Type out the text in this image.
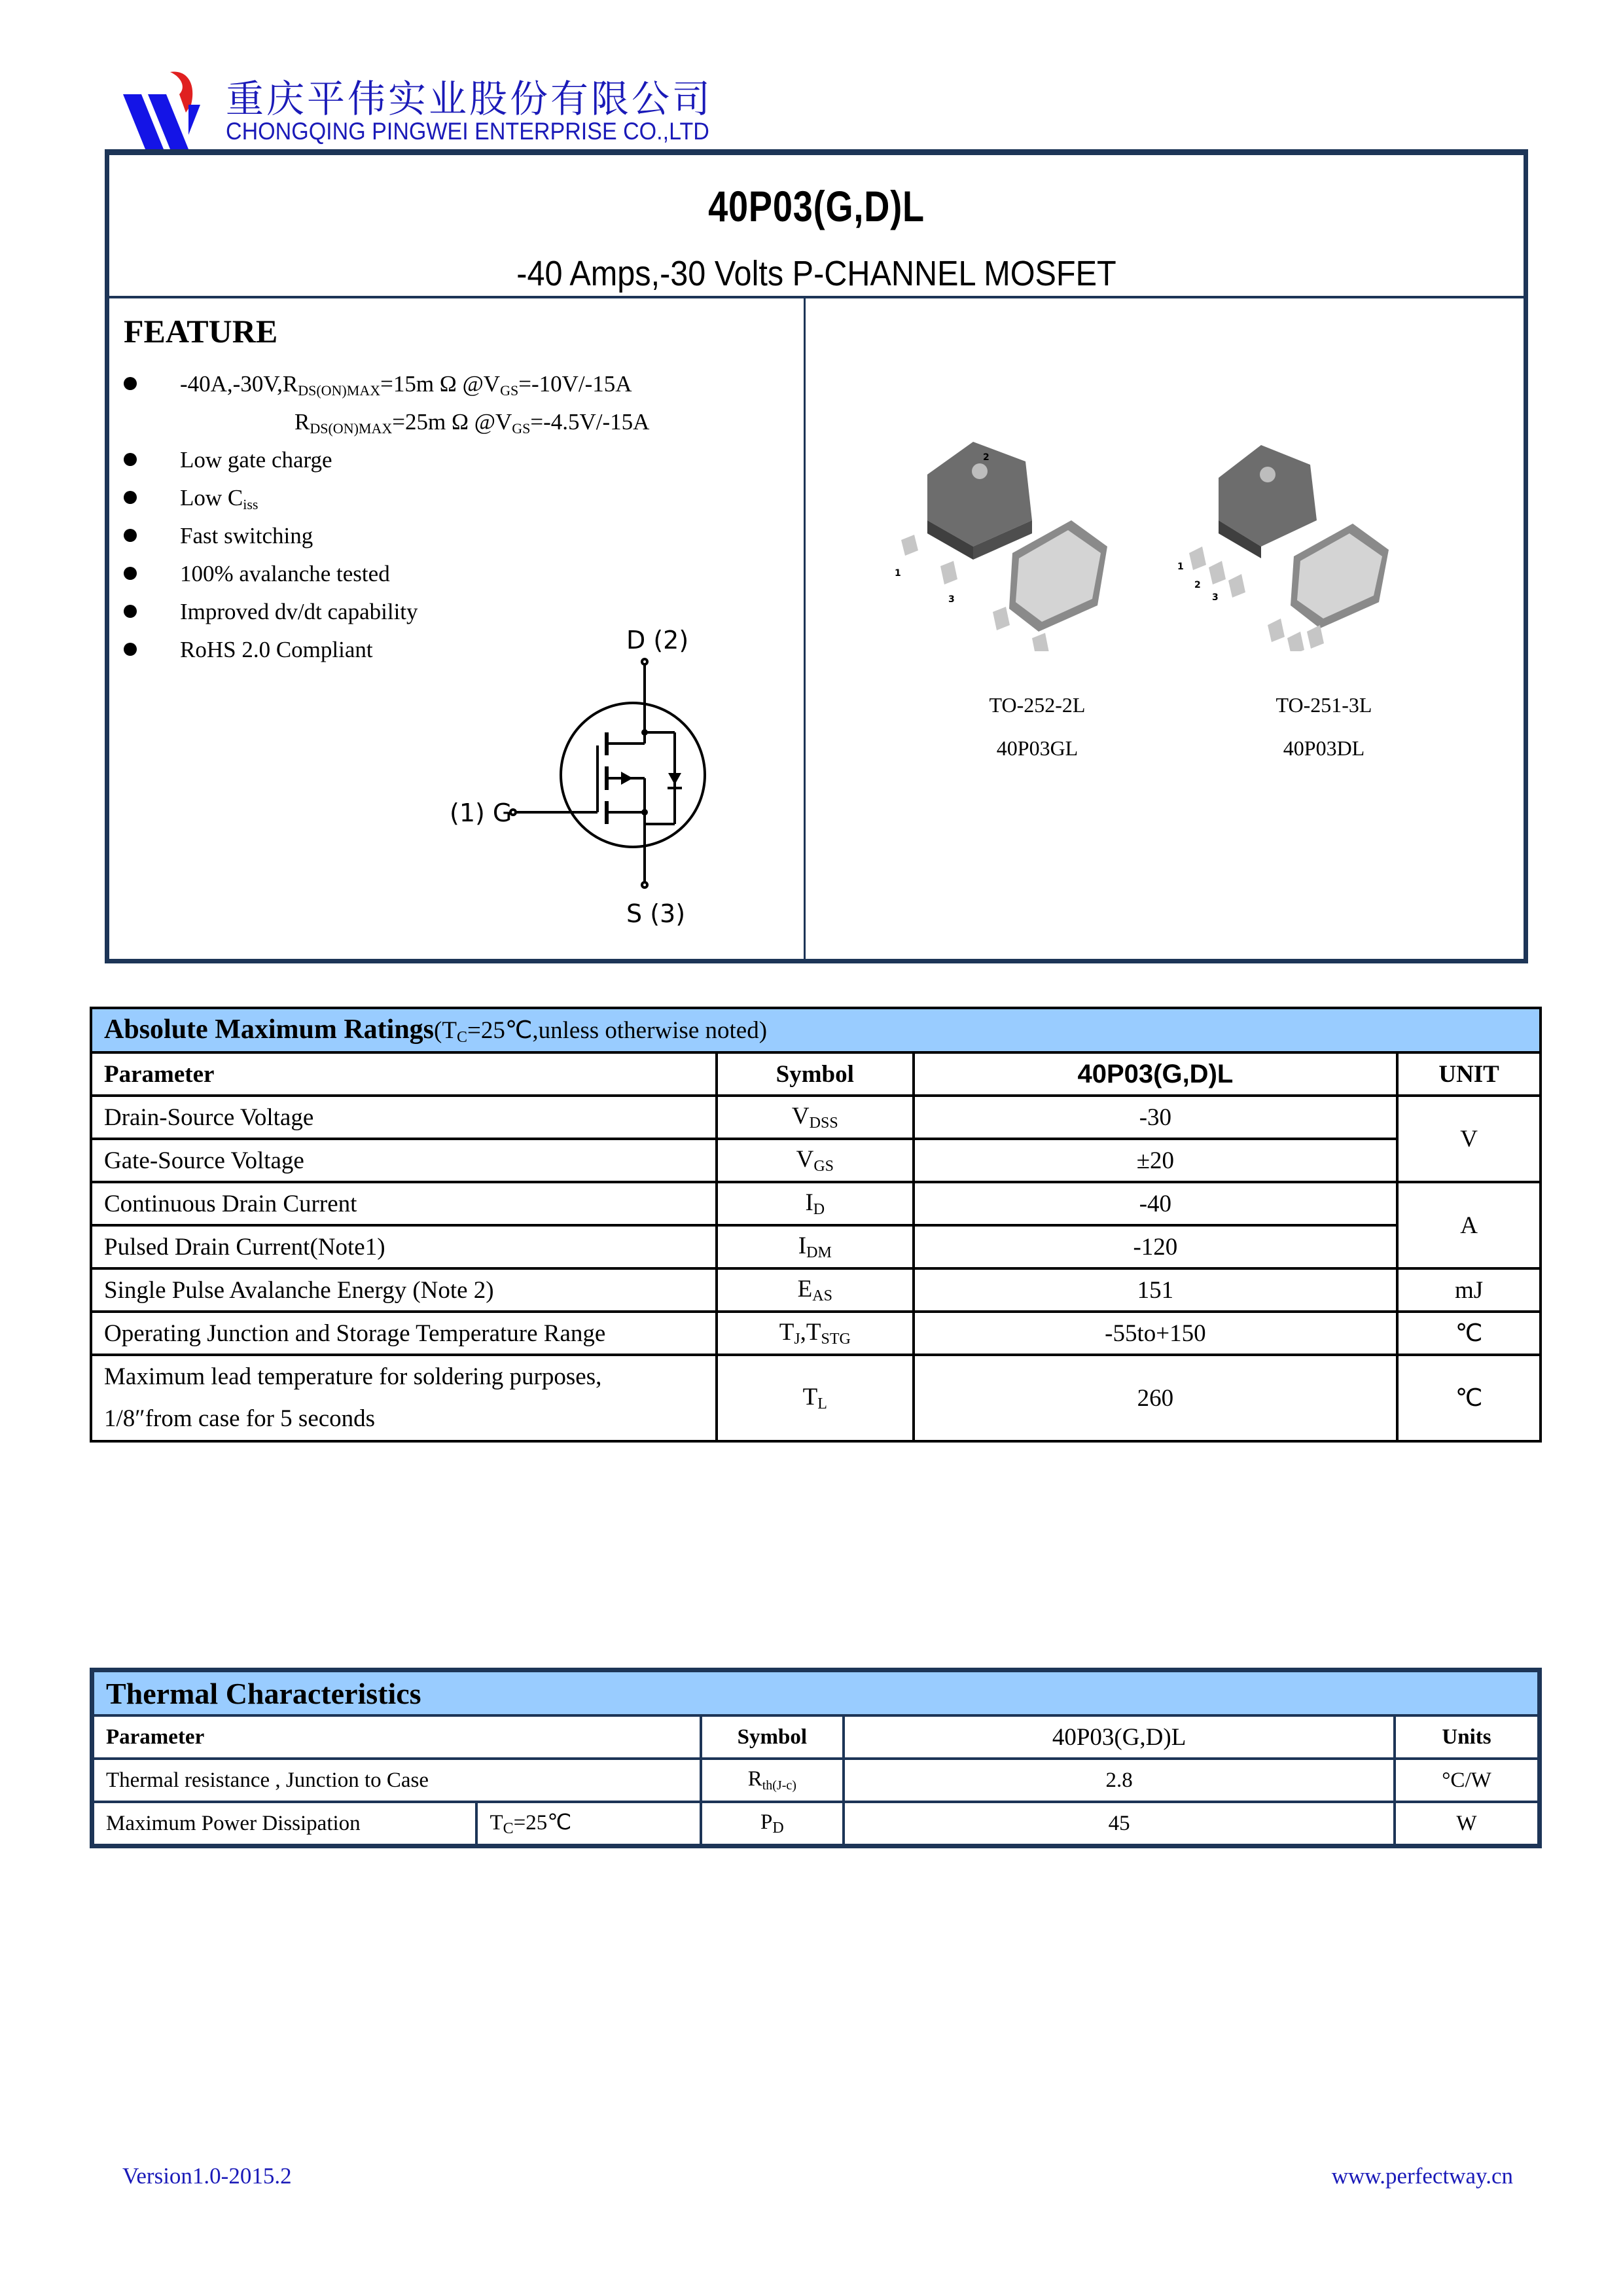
重庆平伟实业股份有限公司
CHONGQING PINGWEI ENTERPRISE CO.,LTD
40P03(G,D)L
-40 Amps,-30 Volts P-CHANNEL MOSFET
FEATURE
$-40A,-30V,R_{DS(ON)MAX}=15m$ Ω $@V_{GS}=-10V/-15A$
$R_{DS(ON)MAX}=25m$ Ω $@V_{GS}=-4.5V/-15A$
Low gate charge
Low $C_{iss}$
Fast switching
100% avalanche tested
Improved dv/dt capability
RoHS 2.0 Compliant	D (2)
(1) G
S (3)
2
1
3
1
2
3
TO-252-2L
40P03GL
TO-251-3L
40P03DL
Absolute Maximum $Ratings(T_C=25℃,unless$ otherwise noted)			
Parameter	Symbol	40P03(G,D)L	UNIT
Drain-Source Voltage	$V_{DSS}$	-30	V
Gate-Source Voltage	$V_{GS}$	±20	
Continuous Drain Current	$I_D$	-40	A
Pulsed Drain Current(Note1)	$I_{DM}$	-120	
Single Pulse Avalanche Energy (Note 2)	$E_{AS}$	151	mJ
Operating Junction and Storage Temperature Range	$T_J,T_{STG}$	-55to+150	℃

Maximum lead temperature for soldering purposes,
1/8″from case for 5 seconds	$T_L$	260	℃
Thermal Characteristics				
Parameter		Symbol	40P03(G,D)L	Units
Thermal resistance , Junction to Case		$R_{th(J-c)}$	2.8	°C/W
Maximum Power Dissipation	$T_C=25℃$	$P_D$	45	W
Version1.0-2015.2	www.perfectway.cn
